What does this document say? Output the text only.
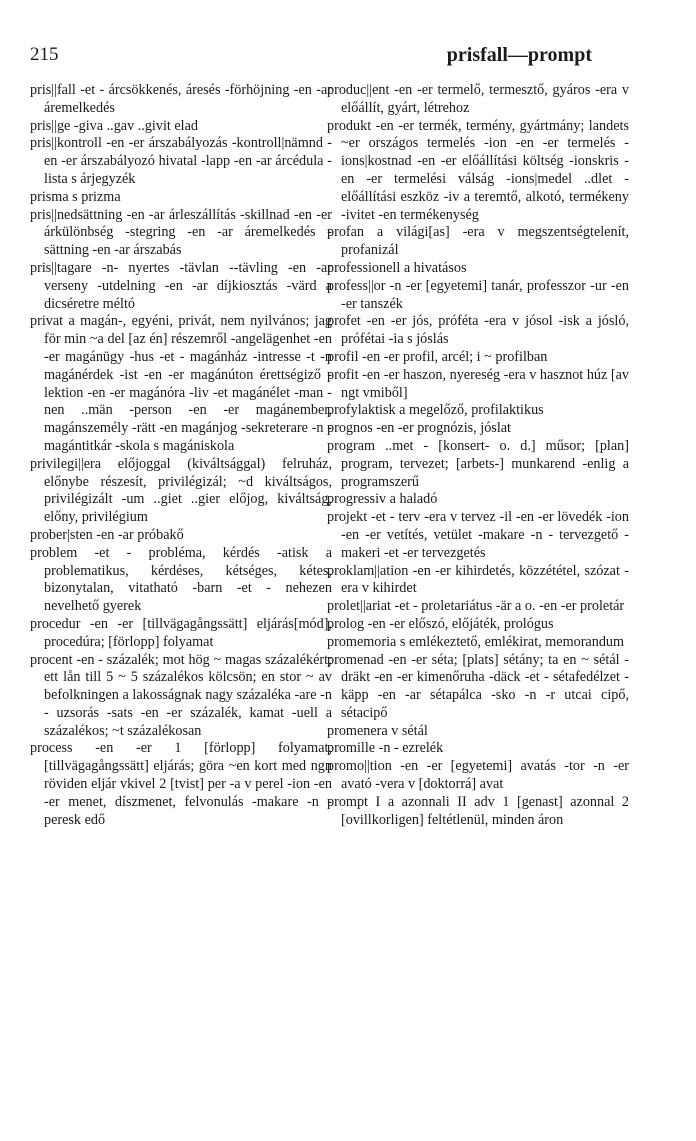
215	prisfall—prompt

pris||fall -et - árcsökkenés, áresés -förhöjning -en -ar áremelkedés

pris||ge -giva ..gav ..givit elad

pris||kontroll -en -er árszabályozás -kontroll|nämnd -en -er árszabályozó hivatal -lapp -en -ar árcédula -lista s árjegyzék

prisma s prizma

pris||nedsättning -en -ar árleszállítás -skillnad -en -er árkülönbség -stegring -en -ar áremelkedés -sättning -en -ar árszabás

pris||tagare -n- nyertes -tävlan --tävling -en -ar verseny -utdelning -en -ar díjkiosztás -värd a dicséretre méltó

privat a magán-, egyéni, privát, nem nyilvános; jag för min ~a del [az én] részemről -angelägenhet -en -er magánügy -hus -et - magánház -intresse -t -n magánérdek -ist -en -er magánúton érettségiző -lektion -en -er magánóra -liv -et magánélet -man -nen ..män -person -en -er magánember, magánszemély -rätt -en magánjog -sekreterare -n - magántitkár -skola s magániskola

privilegi||era előjoggal (kiváltsággal) felruház, előnybe részesít, privilégizál; ~d kiváltságos, privilégizált -um ..giet ..gier előjog, kiváltság, előny, privilégium

prober|sten -en -ar próbakő

problem -et - probléma, kérdés -atisk a problematikus, kérdéses, kétséges, kétes, bizonytalan, vitatható -barn -et - nehezen nevelhető gyerek

procedur -en -er [tillvägagångssätt] eljárás[mód], procedúra; [förlopp] folyamat

procent -en - százalék; mot hög ~ magas százalékért; ett lån till 5 ~ 5 százalékos kölcsön; en stor ~ av befolkningen a lakosságnak nagy százaléka -are -n - uzsorás -sats -en -er százalék, kamat -uell a százalékos; ~t százalékosan

process -en -er 1 [förlopp] folyamat, [tillvägagångssätt] eljárás; göra ~en kort med ngn röviden eljár vkivel 2 [tvist] per -a v perel -ion -en -er menet, díszmenet, felvonulás -makare -n - peresk edő

produc||ent -en -er termelő, termesztő, gyáros -era v előállít, gyárt, létrehoz

produkt -en -er termék, termény, gyártmány; landets ~er országos termelés -ion -en -er termelés -ions|kostnad -en -er előállítási költség -ionskris -en -er termelési válság -ions|medel ..dlet - előállítási eszköz -iv a teremtő, alkotó, termékeny -ivitet -en termékenység

profan a világi[as] -era v megszentségtelenít, profanizál

professionell a hivatásos

profess||or -n -er [egyetemi] tanár, professzor -ur -en -er tanszék

profet -en -er jós, próféta -era v jósol -isk a jósló, prófétai -ia s jóslás

profil -en -er profil, arcél; i ~ profilban

profit -en -er haszon, nyereség -era v hasznot húz [av ngt vmiből]

profylaktisk a megelőző, profilaktikus

prognos -en -er prognózis, jóslat

program ..met - [konsert- o. d.] műsor; [plan] program, tervezet; [arbets-] munkarend -enlig a programszerű

progressiv a haladó

projekt -et - terv -era v tervez -il -en -er lövedék -ion -en -er vetítés, vetület -makare -n - tervezgető -makeri -et -er tervezgetés

proklam||ation -en -er kihirdetés, közzététel, szózat -era v kihirdet

prolet||ariat -et - proletariátus -är a o. -en -er proletár

prolog -en -er előszó, előjáték, prológus

promemoria s emlékeztető, emlékirat, memorandum

promenad -en -er séta; [plats] sétány; ta en ~ sétál -dräkt -en -er kimenőruha -däck -et - sétafedélzet -käpp -en -ar sétapálca -sko -n -r utcai cipő, sétacipő

promenera v sétál

promille -n - ezrelék

promo||tion -en -er [egyetemi] avatás -tor -n -er avató -vera v [doktorrá] avat

prompt I a azonnali II adv 1 [genast] azonnal 2 [ovillkorligen] feltétlenül, minden áron
